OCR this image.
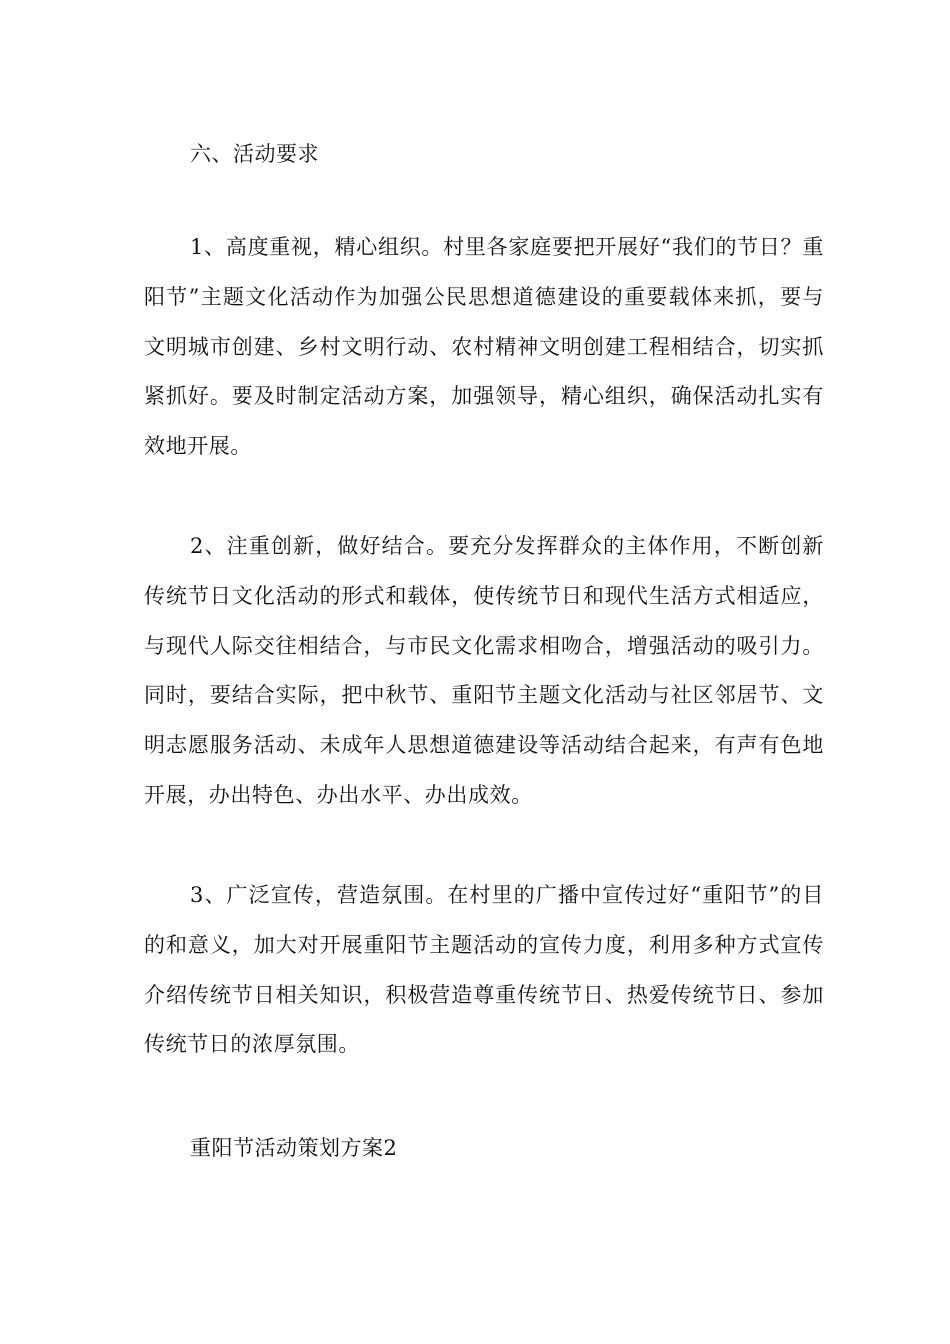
六、活动要求

1、高度重视，精心组织。村里各家庭要把开展好“我们的节日？重阳节”主题文化活动作为加强公民思想道德建设的重要载体来抓，要与文明城市创建、乡村文明行动、农村精神文明创建工程相结合，切实抓紧抓好。要及时制定活动方案，加强领导，精心组织，确保活动扎实有效地开展。

2、注重创新，做好结合。要充分发挥群众的主体作用，不断创新传统节日文化活动的形式和载体，使传统节日和现代生活方式相适应，与现代人际交往相结合，与市民文化需求相吻合，增强活动的吸引力。同时，要结合实际，把中秋节、重阳节主题文化活动与社区邻居节、文明志愿服务活动、未成年人思想道德建设等活动结合起来，有声有色地开展，办出特色、办出水平、办出成效。

3、广泛宣传，营造氛围。在村里的广播中宣传过好“重阳节”的目的和意义，加大对开展重阳节主题活动的宣传力度，利用多种方式宣传介绍传统节日相关知识，积极营造尊重传统节日、热爱传统节日、参加传统节日的浓厚氛围。

重阳节活动策划方案2
